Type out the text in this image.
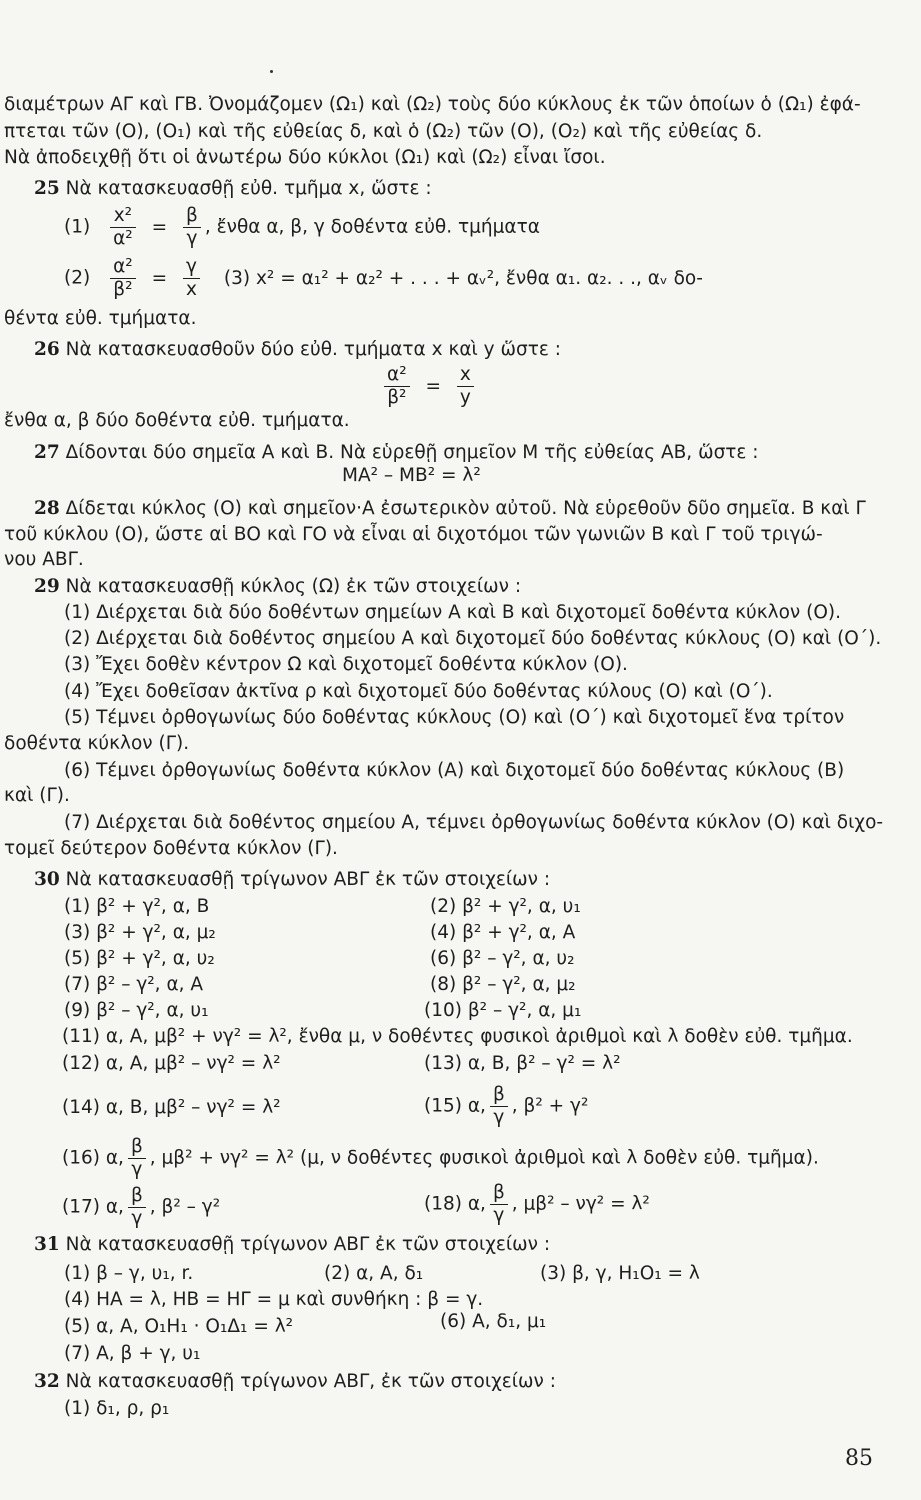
διαμέτρων ΑΓ καὶ ΓΒ. Ὀνομάζομεν (Ω₁) καὶ (Ω₂) τοὺς δύο κύκλους ἐκ τῶν ὁποίων ὁ (Ω₁) ἐφά-
πτεται τῶν (Ο), (Ο₁) καὶ τῆς εὐθείας δ, καὶ ὁ (Ω₂) τῶν (Ο), (Ο₂) καὶ τῆς εὐθείας δ.
Νὰ ἀποδειχθῇ ὅτι οἱ ἀνωτέρω δύο κύκλοι (Ω₁) καὶ (Ω₂) εἶναι ἴσοι.
25 Νὰ κατασκευασθῇ εὐθ. τμῆμα x, ὥστε :
$(1) \frac{\text{x²}}{\text{α²}} = \frac{\beta}{\gamma}$ , ἔνθα α, β, γ δοθέντα εὐθ. τμήματα
$(2) \frac{\text{α²}}{\text{β²}} = \frac{\gamma}{x} (3) x^2 = \alpha_1^2 + \alpha_2^2$ + . . . + αᵥ², ἔνθα α₁. α₂. . ., αᵥ δο-
θέντα εὐθ. τμήματα.
26 Νὰ κατασκευασθοῦν δύο εὐθ. τμήματα x καὶ y ὥστε :
$\frac{\text{α²}}{\text{β²}} = \frac{x}{y}$
ἔνθα α, β δύο δοθέντα εὐθ. τμήματα.
27 Δίδονται δύο σημεῖα Α καὶ Β. Νὰ εὑρεθῇ σημεῖον Μ τῆς εὐθείας ΑΒ, ὥστε :
ΜΑ² – ΜΒ² = λ²
28 Δίδεται κύκλος (Ο) καὶ σημεῖον·Α ἐσωτερικὸν αὐτοῦ. Νὰ εὑρεθοῦν δῦο σημεῖα. Β καὶ Γ
τοῦ κύκλου (Ο), ὥστε αἱ ΒΟ καὶ ΓΟ νὰ εἶναι αἱ διχοτόμοι τῶν γωνιῶν Β καὶ Γ τοῦ τριγώ-
νου ΑΒΓ.
29 Νὰ κατασκευασθῇ κύκλος (Ω) ἐκ τῶν στοιχείων :
(1) Διέρχεται διὰ δύο δοθέντων σημείων Α καὶ Β καὶ διχοτομεῖ δοθέντα κύκλον (Ο).
(2) Διέρχεται διὰ δοθέντος σημείου Α καὶ διχοτομεῖ δύο δοθέντας κύκλους (Ο) καὶ (Ο΄).
(3) Ἔχει δοθὲν κέντρον Ω καὶ διχοτομεῖ δοθέντα κύκλον (Ο).
(4) Ἔχει δοθεῖσαν ἀκτῖνα ρ καὶ διχοτομεῖ δύο δοθέντας κύλους (Ο) καὶ (Ο΄).
(5) Τέμνει ὀρθογωνίως δύο δοθέντας κύκλους (Ο) καὶ (Ο΄) καὶ διχοτομεῖ ἕνα τρίτον
δοθέντα κύκλον (Γ).
(6) Τέμνει ὀρθογωνίως δοθέντα κύκλον (Α) καὶ διχοτομεῖ δύο δοθέντας κύκλους (Β)
καὶ (Γ).
(7) Διέρχεται διὰ δοθέντος σημείου Α, τέμνει ὀρθογωνίως δοθέντα κύκλον (Ο) καὶ διχο-
τομεῖ δεύτερον δοθέντα κύκλον (Γ).
30 Νὰ κατασκευασθῇ τρίγωνον ΑΒΓ ἐκ τῶν στοιχείων :
(1) β² + γ², α, Β	(2) β² + γ², α, υ₁
(3) β² + γ², α, μ₂	(4) β² + γ², α, Α
(5) β² + γ², α, υ₂	(6) β² – γ², α, υ₂
(7) β² – γ², α, Α	(8) β² – γ², α, μ₂
(9) β² – γ², α, υ₁	(10) β² – γ², α, μ₁
(11) α, Α, μβ² + νγ² = λ², ἔνθα μ, ν δοθέντες φυσικοὶ ἀριθμοὶ καὶ λ δοθὲν εὐθ. τμῆμα.
(12) α, Α, μβ² – νγ² = λ²	(13) α, Β, β² – γ² = λ²
(14) α, Β, μβ² – νγ² = λ²	(15) α, $\frac{\beta}{\gamma}$ , β² + γ²
(16) α, $\frac{\beta}{\gamma}$ , μβ² + νγ² = λ² (μ, ν δοθέντες φυσικοὶ ἀριθμοὶ καὶ λ δοθὲν εὐθ. τμῆμα).
(17) α, $\frac{\beta}{\gamma}$ , β² – γ²	(18) α, $\frac{\beta}{\gamma}$ , μβ² – νγ² = λ²
31 Νὰ κατασκευασθῇ τρίγωνον ΑΒΓ ἐκ τῶν στοιχείων :
(1) β – γ, υ₁, r.	(2) α, Α, δ₁	(3) β, γ, Η₁Ο₁ = λ
(4) ΗΑ = λ, ΗΒ = ΗΓ = μ καὶ συνθήκη : β = γ.
(5) α, Α, Ο₁Η₁ · Ο₁Δ₁ = λ²	(6) Α, δ₁, μ₁
(7) Α, β + γ, υ₁
32 Νὰ κατασκευασθῇ τρίγωνον ΑΒΓ, ἐκ τῶν στοιχείων :
(1) δ₁, ρ, ρ₁
85
